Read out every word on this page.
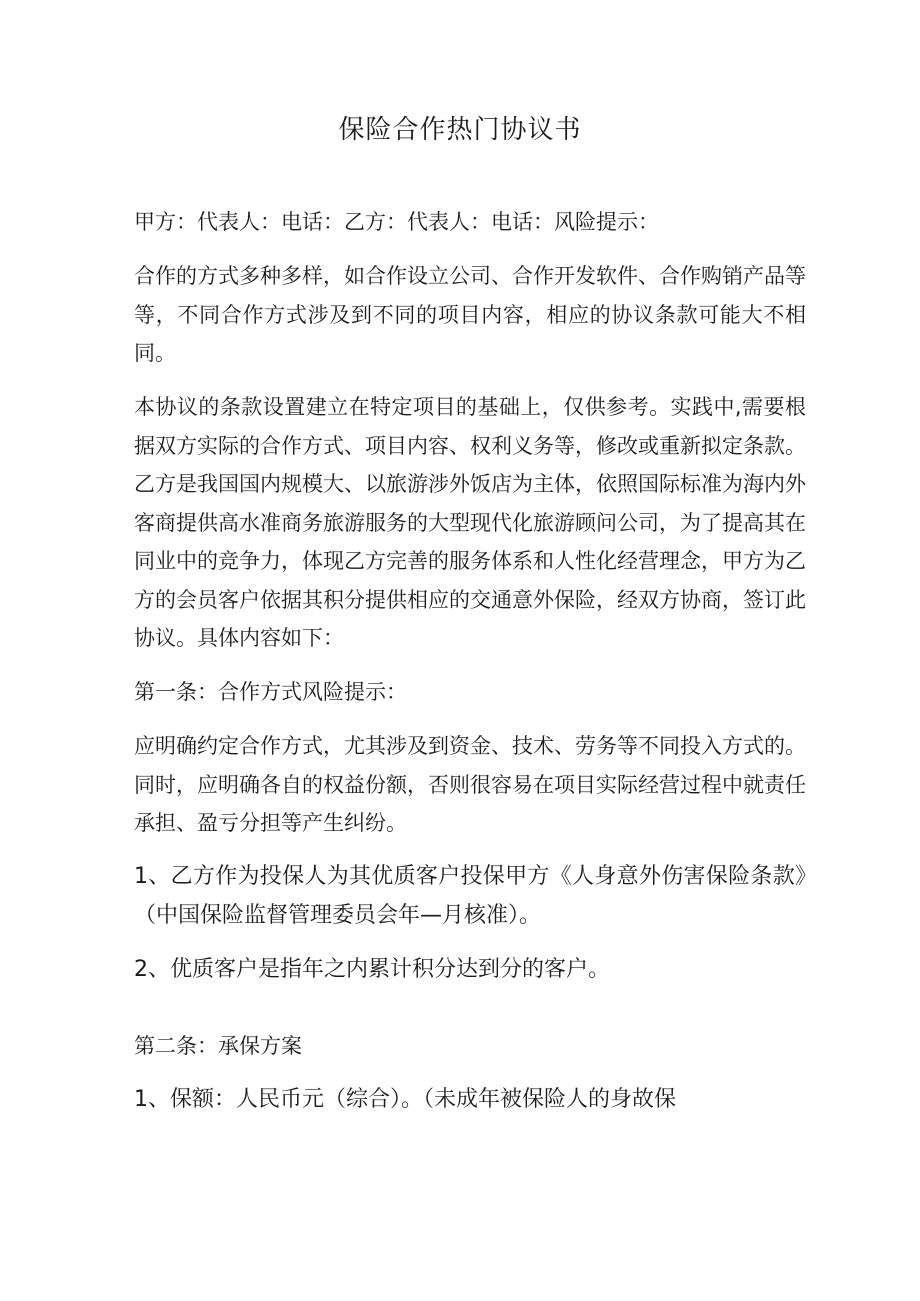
保险合作热门协议书

甲方：代表人：电话：乙方：代表人：电话：风险提示：

合作的方式多种多样，如合作设立公司、合作开发软件、合作购销产品等等，不同合作方式涉及到不同的项目内容，相应的协议条款可能大不相同。

本协议的条款设置建立在特定项目的基础上，仅供参考。实践中,需要根据双方实际的合作方式、项目内容、权利义务等，修改或重新拟定条款。乙方是我国国内规模大、以旅游涉外饭店为主体，依照国际标准为海内外客商提供高水准商务旅游服务的大型现代化旅游顾问公司，为了提高其在同业中的竞争力，体现乙方完善的服务体系和人性化经营理念，甲方为乙方的会员客户依据其积分提供相应的交通意外保险，经双方协商，签订此协议。具体内容如下：

第一条：合作方式风险提示：

应明确约定合作方式，尤其涉及到资金、技术、劳务等不同投入方式的。同时，应明确各自的权益份额，否则很容易在项目实际经营过程中就责任承担、盈亏分担等产生纠纷。

1、乙方作为投保人为其优质客户投保甲方《人身意外伤害保险条款》（中国保险监督管理委员会年—月核准）。

2、优质客户是指年之内累计积分达到分的客户。

第二条：承保方案

1、保额：人民币元（综合）。（未成年被保险人的身故保
